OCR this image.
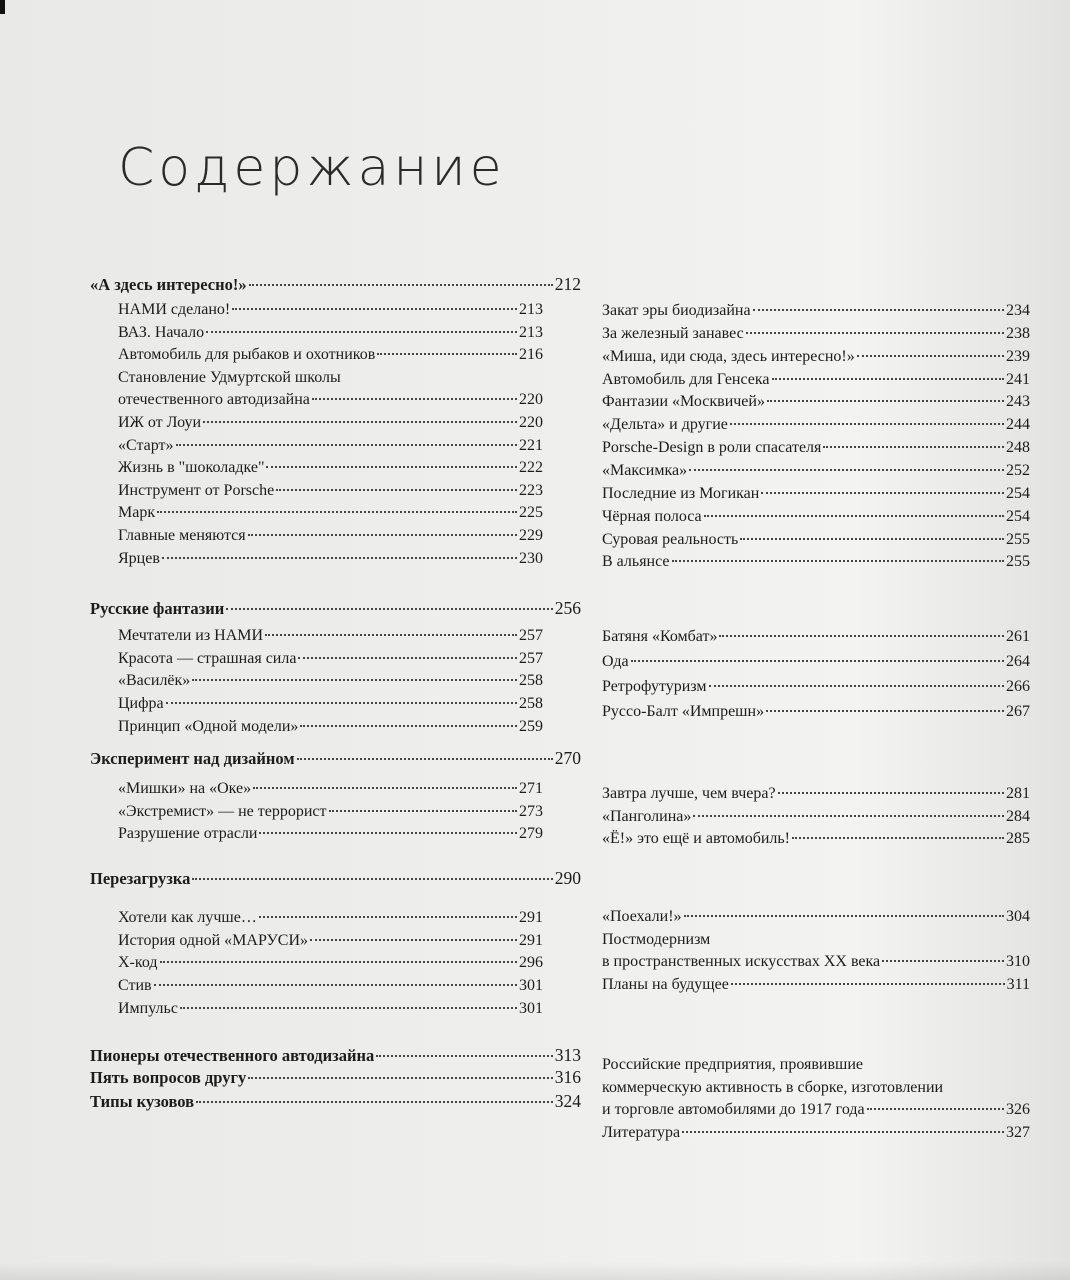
Содержание
«А здесь интересно!»	212
НАМИ сделано!	213
ВАЗ. Начало	213
Автомобиль для рыбаков и охотников	216
Становление Удмуртской школы
отечественного автодизайна	220
ИЖ от Лоуи	220
«Старт»	221
Жизнь в "шоколадке"	222
Инструмент от Porsche	223
Марк	225
Главные меняются	229
Ярцев	230
Русские фантазии	256
Мечтатели из НАМИ	257
Красота — страшная сила	257
«Василёк»	258
Цифра	258
Принцип «Одной модели»	259
Эксперимент над дизайном	270
«Мишки» на «Оке»	271
«Экстремист» — не террорист	273
Разрушение отрасли	279
Перезагрузка	290
Хотели как лучше…	291
История одной «МАРУСИ»	291
Х-код	296
Стив	301
Импульс	301
Пионеры отечественного автодизайна	313
Пять вопросов другу	316
Типы кузовов	324
Закат эры биодизайна	234
За железный занавес	238
«Миша, иди сюда, здесь интересно!»	239
Автомобиль для Генсека	241
Фантазии «Москвичей»	243
«Дельта» и другие	244
Porsche-Design в роли спасателя	248
«Максимка»	252
Последние из Могикан	254
Чёрная полоса	254
Суровая реальность	255
В альянсе	255
Батяня «Комбат»	261
Ода	264
Ретрофутуризм	266
Руссо-Балт «Импрешн»	267
Завтра лучше, чем вчера?	281
«Панголина»	284
«Ё!» это ещё и автомобиль!	285
«Поехали!»	304
Постмодернизм
в пространственных искусствах XX века	310
Планы на будущее	311
Российские предприятия, проявившие
коммерческую активность в сборке, изготовлении
и торговле автомобилями до 1917 года	326
Литература	327
